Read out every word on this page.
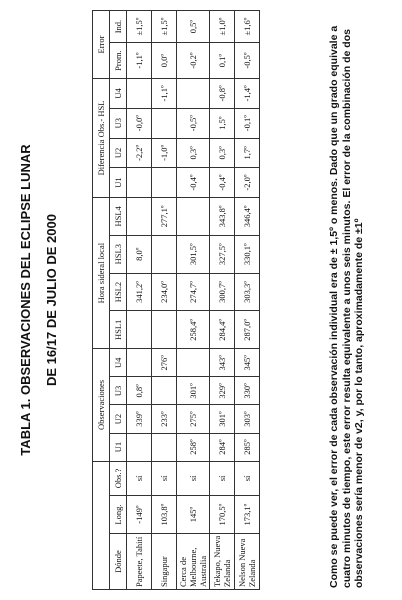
TABLA 1. OBSERVACIONES DEL ECLIPSE LUNAR DE 16/17 DE JULIO DE 2000
			Observaciones				Hora sideral local				Diferencia Obs.- HSL				Error	
Dónde	Long.	Obs.?	U1	U2	U3	U4	HSL1	HSL2	HSL3	HSL4	U1	U2	U3	U4	Prom.	Ind.
Papeete, Tahití	-149º	sí		339º	0,8º			341,2º	8,0º			-2,2º	-0,0º		-1,1º	±1,5º
Singapur	103,8º	sí		233º		276º		234,0º		277,1º		-1,0º		-1,1º	0,0º	±1,5º
Cerca de Melbourne, Australia	145º	sí	258º	275º	301º		258,4º	274,7º	301,5º		-0,4º	0,3º	-0,5º		-0,2º	0,5º
Tekapo, Nueva Zelanda	170,5º	sí	284º	301º	329º	343º	284,4º	300,7º	327,5º	343,8º	-0,4º	0,3º	1,5º	-0,8º	0,1º	±1,0º
Nelson Nueva Zelanda	173,1º	sí	285º	303º	330º	345º	287,0º	303,3º	330,1º	346,4º	-2,0º	1,7º	-0,1º	-1,4º	-0,5º	±1,6º	Como se puede ver, el error de cada observación individual era de ± 1,5º o menos. Dado que un grado equivale a cuatro minutos de tiempo, este error resulta equivalente a unos seis minutos. El error de la combinación de dos observaciones sería menor de v2, y, por lo tanto, aproximadamente de ±1º
